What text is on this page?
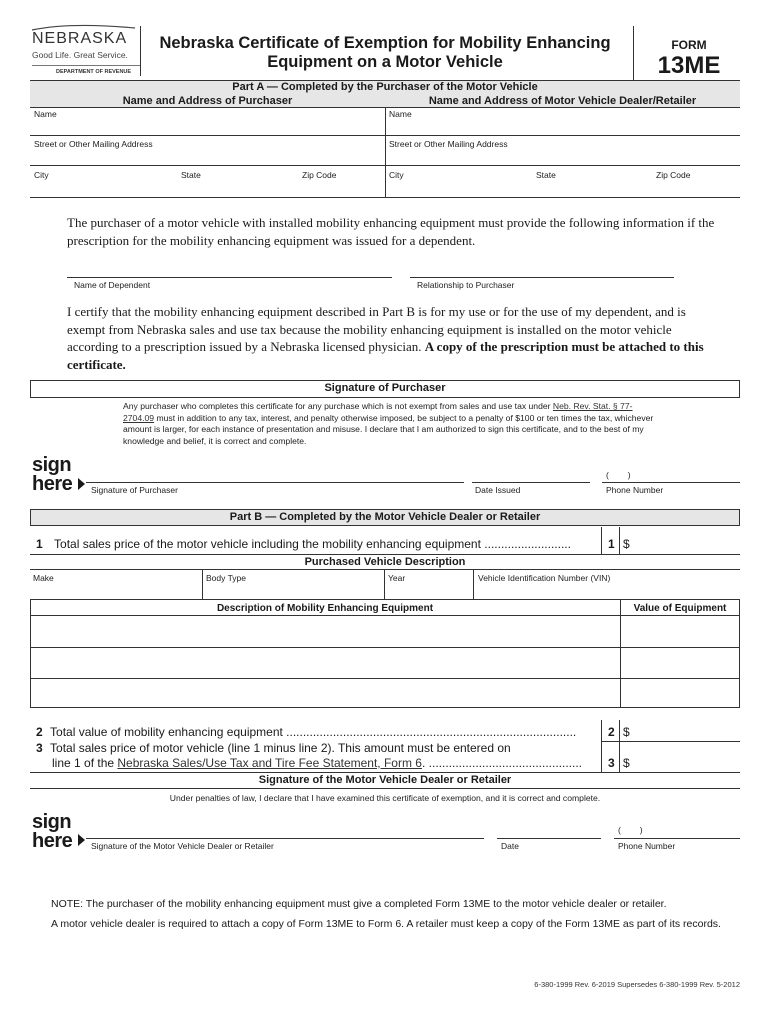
NEBRASKA
Good Life. Great Service.
DEPARTMENT OF REVENUE
Nebraska Certificate of Exemption for Mobility Enhancing
Equipment on a Motor Vehicle
FORM
13ME
Part A — Completed by the Purchaser of the Motor Vehicle
Name and Address of Purchaser	Name and Address of Motor Vehicle Dealer/Retailer
Name
Street or Other Mailing Address
City	State	Zip Code
Name
Street or Other Mailing Address
City	State	Zip Code
The purchaser of a motor vehicle with installed mobility enhancing equipment must provide the following information if the prescription for the mobility enhancing equipment was issued for a dependent.
Name of Dependent	Relationship to Purchaser
I certify that the mobility enhancing equipment described in Part B is for my use or for the use of my dependent, and is exempt from Nebraska sales and use tax because the mobility enhancing equipment is installed on the motor vehicle according to a prescription issued by a Nebraska licensed physician. A copy of the prescription must be attached to this certificate.
Signature of Purchaser
Any purchaser who completes this certificate for any purchase which is not exempt from sales and use tax under Neb. Rev. Stat. § 77-2704.09 must in addition to any tax, interest, and penalty otherwise imposed, be subject to a penalty of $100 or ten times the tax, whichever amount is larger, for each instance of presentation and misuse. I declare that I am authorized to sign this certificate, and to the best of my knowledge and belief, it is correct and complete.
sign
here Signature of Purchaser	Date Issued
(        )
Phone Number
Part B — Completed by the Motor Vehicle Dealer or Retailer
1 Total sales price of the motor vehicle including the mobility enhancing equipment ..........................	1 $
Purchased Vehicle Description
Make	Body Type	Year	Vehicle Identification Number (VIN)
Description of Mobility Enhancing Equipment	Value of Equipment
2 Total value of mobility enhancing equipment .......................................................................................	2 $
3 Total sales price of motor vehicle (line 1 minus line 2). This amount must be entered on
line 1 of the Nebraska Sales/Use Tax and Tire Fee Statement, Form 6. .............................................. 3 $
Signature of the Motor Vehicle Dealer or Retailer
Under penalties of law, I declare that I have examined this certificate of exemption, and it is correct and complete.
sign
here Signature of the Motor Vehicle Dealer or Retailer	Date
(        )
Phone Number
NOTE: The purchaser of the mobility enhancing equipment must give a completed Form 13ME to the motor vehicle dealer or retailer.
A motor vehicle dealer is required to attach a copy of Form 13ME to Form 6. A retailer must keep a copy of the Form 13ME as part of its records.
6-380-1999 Rev. 6-2019 Supersedes 6-380-1999 Rev. 5-2012
